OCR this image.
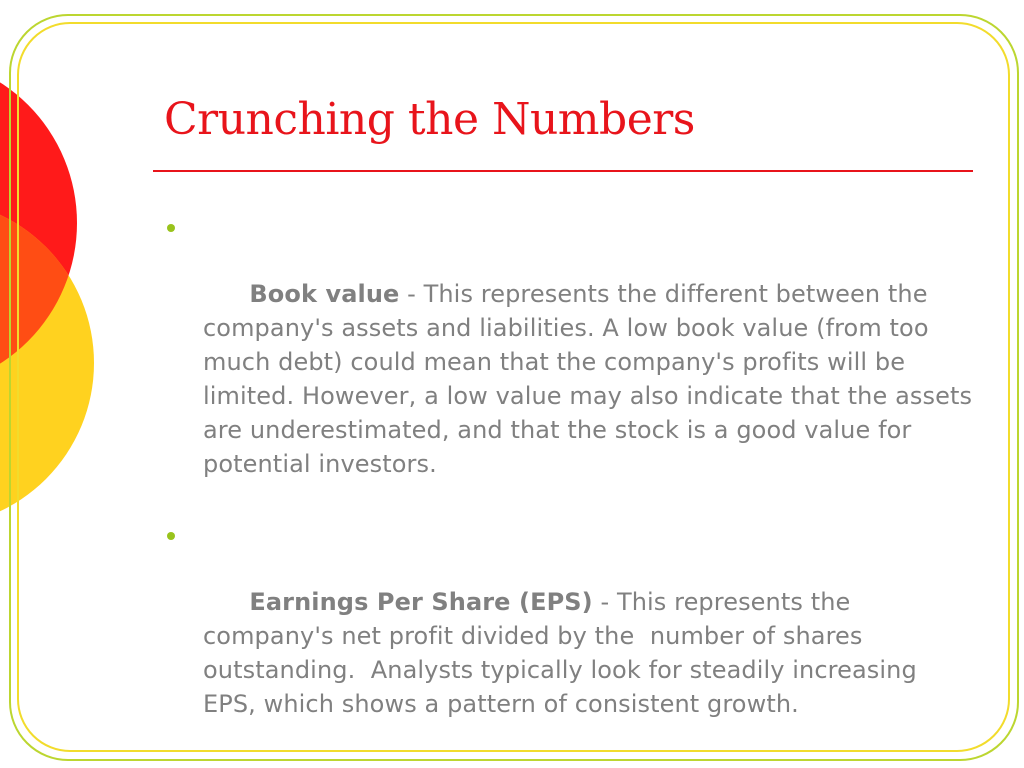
Crunching the Numbers

Book value - This represents the different between the company's assets and liabilities. A low book value (from too much debt) could mean that the company's profits will be limited. However, a low value may also indicate that the assets are underestimated, and that the stock is a good value for potential investors.

Earnings Per Share (EPS) - This represents the company's net profit divided by the  number of shares outstanding.  Analysts typically look for steadily increasing EPS, which shows a pattern of consistent growth.
